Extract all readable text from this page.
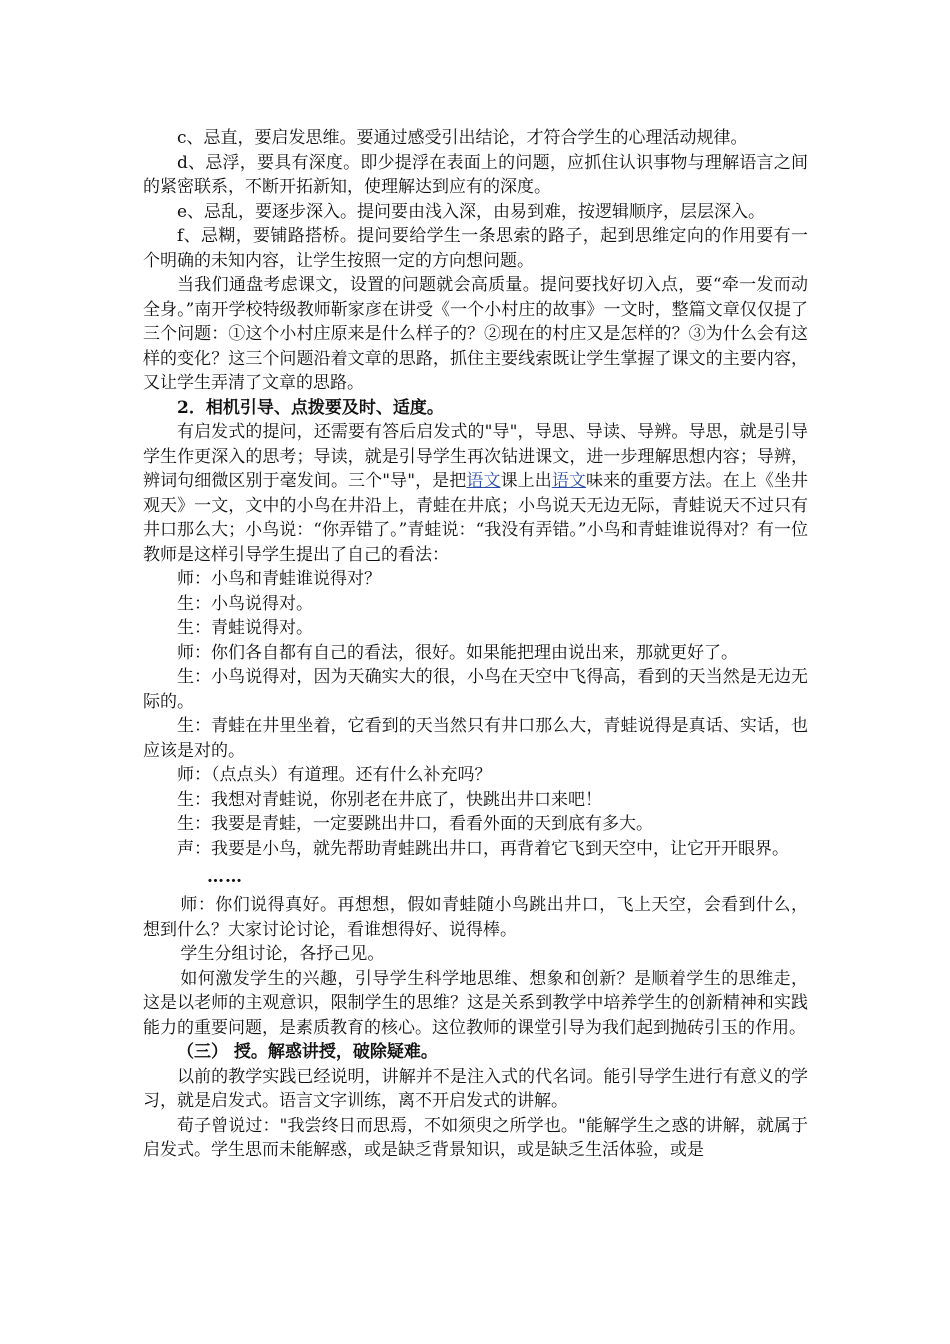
c、忌直，要启发思维。要通过感受引出结论，才符合学生的心理活动规律。

d、忌浮，要具有深度。即少提浮在表面上的问题，应抓住认识事物与理解语言之间的紧密联系，不断开拓新知，使理解达到应有的深度。

e、忌乱，要逐步深入。提问要由浅入深，由易到难，按逻辑顺序，层层深入。

f、忌糊，要铺路搭桥。提问要给学生一条思索的路子，起到思维定向的作用要有一个明确的未知内容，让学生按照一定的方向想问题。

当我们通盘考虑课文，设置的问题就会高质量。提问要找好切入点，要“牵一发而动全身。”南开学校特级教师靳家彦在讲受《一个小村庄的故事》一文时，整篇文章仅仅提了三个问题：①这个小村庄原来是什么样子的？②现在的村庄又是怎样的？③为什么会有这样的变化？这三个问题沿着文章的思路，抓住主要线索既让学生掌握了课文的主要内容，又让学生弄清了文章的思路。

2．相机引导、点拨要及时、适度。

有启发式的提问，还需要有答后启发式的"导"，导思、导读、导辨。导思，就是引导学生作更深入的思考；导读，就是引导学生再次钻进课文，进一步理解思想内容；导辨，辨词句细微区别于毫发间。三个"导"，是把语文课上出语文味来的重要方法。在上《坐井观天》一文，文中的小鸟在井沿上，青蛙在井底；小鸟说天无边无际，青蛙说天不过只有井口那么大；小鸟说：“你弄错了。”青蛙说：“我没有弄错。”小鸟和青蛙谁说得对？有一位教师是这样引导学生提出了自己的看法：

师：小鸟和青蛙谁说得对？

生：小鸟说得对。

生：青蛙说得对。

师：你们各自都有自己的看法，很好。如果能把理由说出来，那就更好了。

生：小鸟说得对，因为天确实大的很，小鸟在天空中飞得高，看到的天当然是无边无际的。

生：青蛙在井里坐着，它看到的天当然只有井口那么大，青蛙说得是真话、实话，也应该是对的。

师：（点点头）有道理。还有什么补充吗？

生：我想对青蛙说，你别老在井底了，快跳出井口来吧！

生：我要是青蛙，一定要跳出井口，看看外面的天到底有多大。

声：我要是小鸟，就先帮助青蛙跳出井口，再背着它飞到天空中，让它开开眼界。

……

师：你们说得真好。再想想，假如青蛙随小鸟跳出井口，飞上天空，会看到什么，想到什么？大家讨论讨论，看谁想得好、说得棒。

学生分组讨论，各抒己见。

如何激发学生的兴趣，引导学生科学地思维、想象和创新？是顺着学生的思维走，这是以老师的主观意识，限制学生的思维？这是关系到教学中培养学生的创新精神和实践能力的重要问题，是素质教育的核心。这位教师的课堂引导为我们起到抛砖引玉的作用。

（三） 授。解惑讲授，破除疑难。

以前的教学实践已经说明，讲解并不是注入式的代名词。能引导学生进行有意义的学习，就是启发式。语言文字训练，离不开启发式的讲解。

荀子曾说过："我尝终日而思焉，不如须臾之所学也。"能解学生之惑的讲解，就属于启发式。学生思而未能解惑，或是缺乏背景知识，或是缺乏生活体验，或是
